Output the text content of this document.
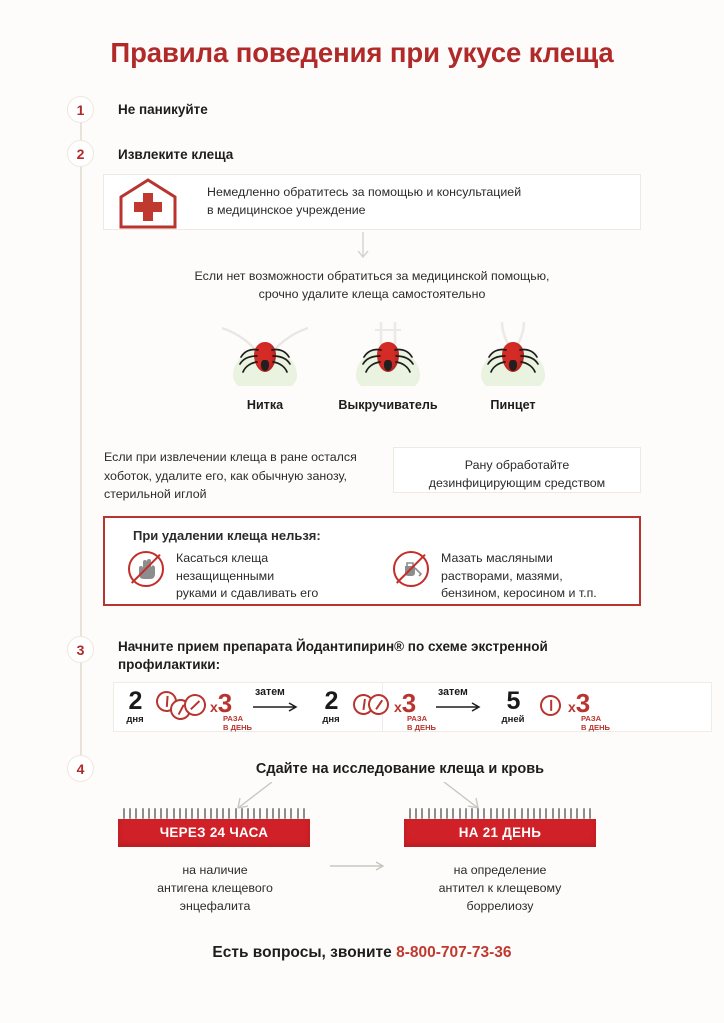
Правила поведения при укусе клеща
1 Не паникуйте
2 Извлеките клеща
Немедленно обратитесь за помощью и консультацией
в медицинское учреждение
Если нет возможности обратиться за медицинской помощью,
срочно удалите клеща самостоятельно
Нитка	Выкручиватель	Пинцет
Если при извлечении клеща в ране остался хоботок, удалите его, как обычную занозу, стерильной иглой
Рану обработайте
дезинфицирующим средством
При удалении клеща нельзя:
Касаться клеща
незащищенными
руками и сдавливать его
Мазать масляными
растворами, мазями,
бензином, керосином и т.п.
3 Начните прием препарата Йодантипирин® по схеме экстренной профилактики:
2
дня
x3
РАЗА
В ДЕНЬ
затем	2
дня
x3
РАЗА
В ДЕНЬ
затем	5
дней
x3
РАЗА
В ДЕНЬ
4	Сдайте на исследование клеща и кровь
ЧЕРЕЗ 24 ЧАСА
на наличие
антигена клещевого
энцефалита
НА 21 ДЕНЬ
на определение
антител к клещевому
боррелиозу
Есть вопросы, звоните 8-800-707-73-36
